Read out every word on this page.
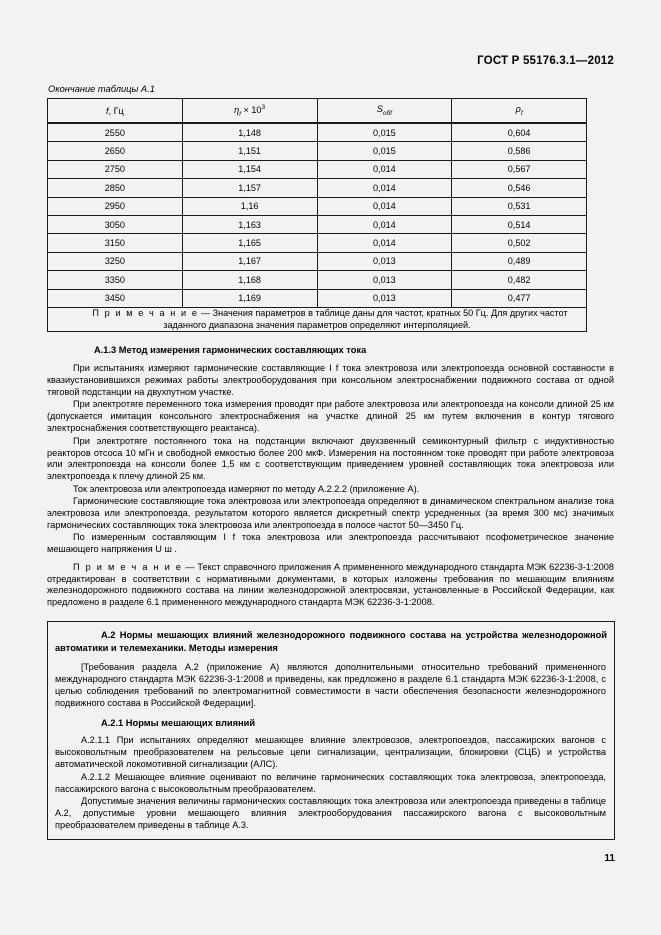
ГОСТ Р 55176.3.1—2012
Окончание таблицы А.1
f, Гц	$\eta_f \times 10^3$	$S_{обf}$	$\rho_f$
2550	1,148	0,015	0,604
2650	1,151	0,015	0,586
2750	1,154	0,014	0,567
2850	1,157	0,014	0,546
2950	1,16	0,014	0,531
3050	1,163	0,014	0,514
3150	1,165	0,014	0,502
3250	1,167	0,013	0,489
3350	1,168	0,013	0,482
3450	1,169	0,013	0,477
П р и м е ч а н и е — Значения параметров в таблице даны для частот, кратных 50 Гц. Для других частот заданного диапазона значения параметров определяют интерполяцией.			
А.1.3 Метод измерения гармонических составляющих тока

При испытаниях измеряют гармонические составляющие I f тока электровоза или электропоезда основной составности в квазиустановившихся режимах работы электрооборудования при консольном электроснабжении подвижного состава от одной тяговой подстанции на двухпутном участке.

При электротяге переменного тока измерения проводят при работе электровоза или электропоезда на консоли длиной 25 км (допускается имитация консольного электроснабжения на участке длиной 25 км путем включения в контур тягового электроснабжения соответствующего реактанса).

При электротяге постоянного тока на подстанции включают двухзвенный семиконтурный фильтр с индуктивностью реакторов отсоса 10 мГн и свободной емкостью более 200 мкФ. Измерения на постоянном токе проводят при работе электровоза или электропоезда на консоли более 1,5 км с соответствующим приведением уровней составляющих тока электровоза или электропоезда к плечу длиной 25 км.

Ток электровоза или электропоезда измеряют по методу А.2.2.2 (приложение А).

Гармонические составляющие тока электровоза или электропоезда определяют в динамическом спектральном анализе тока электровоза или электропоезда, результатом которого является дискретный спектр усредненных (за время 300 мс) значимых гармонических составляющих тока электровоза или электропоезда в полосе частот 50—3450 Гц.

По измеренным составляющим I f тока электровоза или электропоезда рассчитывают псофометрическое значение мешающего напряжения U ш .

П р и м е ч а н и е — Текст справочного приложения А примененного международного стандарта МЭК 62236-3-1:2008 отредактирован в соответствии с нормативными документами, в которых изложены требования по мешающим влияниям железнодорожного подвижного состава на линии железнодорожной электросвязи, установленные в Российской Федерации, как предложено в разделе 6.1 примененного международного стандарта МЭК 62236-3-1:2008.

А.2 Нормы мешающих влияний железнодорожного подвижного состава на устройства железнодорожной автоматики и телемеханики. Методы измерения

[Требования раздела А.2 (приложение А) являются дополнительными относительно требований примененного международного стандарта МЭК 62236-3-1:2008 и приведены, как предложено в разделе 6.1 стандарта МЭК 62236-3-1:2008, с целью соблюдения требований по электромагнитной совместимости в части обеспечения безопасности железнодорожного подвижного состава в Российской Федерации].

А.2.1 Нормы мешающих влияний

А.2.1.1 При испытаниях определяют мешающее влияние электровозов, электропоездов, пассажирских вагонов с высоковольтным преобразователем на рельсовые цепи сигнализации, централизации, блокировки (СЦБ) и устройства автоматической локомотивной сигнализации (АЛС).

А.2.1.2 Мешающее влияние оценивают по величине гармонических составляющих тока электровоза, электропоезда, пассажирского вагона с высоковольтным преобразователем.

Допустимые значения величины гармонических составляющих тока электровоза или электропоезда приведены в таблице А.2, допустимые уровни мешающего влияния электрооборудования пассажирского вагона с высоковольтным преобразователем приведены в таблице А.3.

11
